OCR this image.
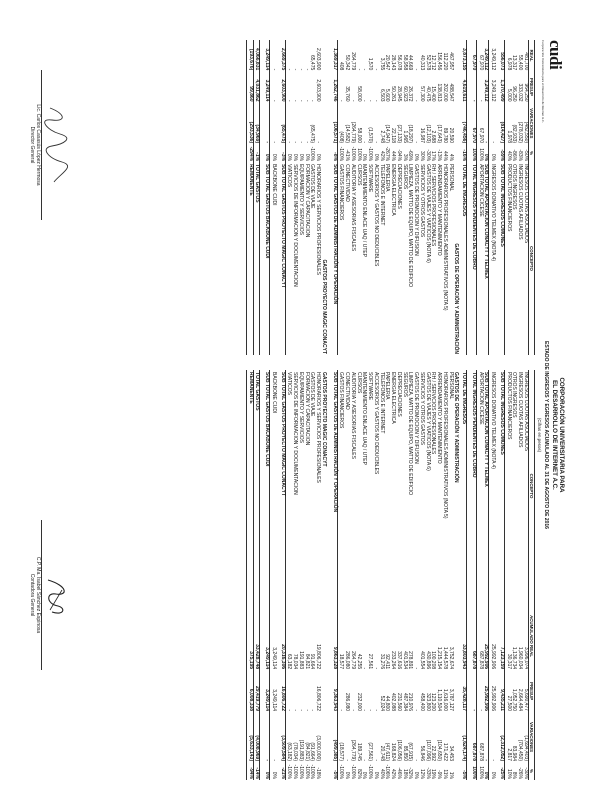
cudi
Corporación Universitaria para el Desarrollo de Internet A.C.
CORPORACIÓN UNIVERSITARIA PARA
EL DESARROLLO DE INTERNET A.C.
ESTADO DE INGRESOS Y EGRESOS ACUMULADO AL 31 DE AGOSTO DE 2016
(Cifras en pesos)
REAL	PRESUP	VARIACIONES	%	CONCEPTO
481,700	964,250	(482,550)	-50%	INGRESOS CUOTAS ASOCIADOS
55,400	333,032	(278,032)	-83%	INGRESOS CUOTAS AFILIADOS
13,317	96,250	(82,933)	-86%	OTROS INGRESOS
6,978	5,000	1,978	40%	PRODUCTOS FINANCIEROS
556,073	1,370,499	(814,427)	-59%	SUB TOTAL INGRESOS COMUNES

3,249,112	3,249,112	-	0%	INGRESOS DONATIVO TELMEX (NOTA 4)
3,249,112	3,249,112	-	0%	SUB TOTAL APORTACION CONACYT Y TELMEX
67,970	-	67,970	100%	APORTACION CICESE
67,970	-	67,970	100%	TOTAL INGRESOS PENDIENTES DE COBRO

3,873,155	4,619,611	(746,456)	-16%	TOTAL DE INGRESOS
GASTOS DE OPERACIÓN Y ADMINISTRACIÓN				
467,957	488,547	20,590	4%	PERSONAL
112,220	202,000	89,780	44%	HONORARIOS PROFESIONALES ADMINISTRATIVOS (NOTA 5)
156,456	138,813	(17,643)	-13%	ARRENDAMIENTO Y MANTENIMIENTO
12,712	15,400	2,688	17%	RH / SERVICIOS PROFESIONALES
52,578	40,475	(12,103)	-30%	GASTOS DE VIAJES Y VIATICOS (NOTA 6)
40,313	57,300	16,987	30%	SERVICIOS Y OTROS GASTOS
-	-	-	0%	GASTOS DE PROMOCION Y DIFUSION
44,669	26,372	(18,297)	-69%	LIMPIEZA, MATTO DE EQUIPO, MATTO DE EDIFICIO
58,958	60,923	1,965	3%	SEGUROS
56,078	28,945	(27,133)	-94%	DEPRECIACIONES
28,143	50,261	22,118	44%	ENERGIA ELECTRICA
20,547	5,600	(14,947)	-267%	PAPELERIA
3,755	6,503	2,748	42%	TELEFONOS E INTERNET
-	-	-	0%	ACCESORIOS Y GASTOS NO DEDUCIBLES
1,570	-	(1,570)	-100%	SOFTWARE
-	-	-	0%	MANTENIMIENTO ENLACE UAQ / UTEP
-	58,000	58,000	100%	CURSOS
264,779	-	(264,779)	-100%	AUDITORIA Y ASESORIAS FISCALES
50,342	35,760	(14,582)	-41%	CONECTIVIDAD
408	-	(408)	-100%	GASTOS FINANCIEROS
1,369,317	1,262,746	(106,571)	-8%	SUB TOTAL GASTOS DE ADMINISTRACIÓN Y OPERACIÓN

GASTOS PROYECTO MAGIC CONACYT				
2,603,900	2,603,900	-	0%	HONORARIOS Y SERVICIOS PROFESIONALES
65,475	-	(65,475)	-100%	GASTOS DE VIAJE
-	-	-	0%	FORMACION Y CAPACITACION
-	-	-	0%	EQUIPAMIENTO Y SERVICIOS
-	-	-	0%	SERVICIOS DE INFORMACION Y DOCUMENTACION
-	-	-	0%	VIATICOS
2,669,375	2,603,900	(65,475)	-3%	SUB TOTAL GASTOS PROYECTO MAGIC CONACYT

-	-	-	0%	BACKBONE CUDI
3,249,114	3,249,114	-	0%	SUB TOTAL GASTOS BACKBONE CUDI

4,066,831	4,031,862	(34,969)	-1%	TOTAL GASTOS
(193,676)	99,860	(293,536)	-294%	REMANENTE
CONCEPTO	ACUMULADO REAL	PRESUP	VARIACIONES	%
INGRESOS CUOTAS ASOCIADOS	3,996,074	5,690,477	(1,694,403)	-30%
INGRESOS CUOTAS AFILIADOS	1,960,034	2,664,484	(704,450)	-26%
OTROS INGRESOS	1,136,734	1,052,750	83,984	8%
PRODUCTOS FINANCIEROS	30,317	27,500	2,817	10%
SUB TOTAL INGRESOS COMUNES	7,123,159	9,435,211	(2,312,052)	-25%

INGRESOS DONATIVO TELMEX (NOTA 4)	25,992,906	25,992,906	-	0%
SUB TOTAL APORTACION CONACYT Y TELMEX	25,992,906	25,992,906	-	0%
APORTACION CICESE	687,878	-	687,878	100%
TOTAL INGRESOS PENDIENTES DE COBRO	687,878	-	687,878	100%

TOTAL DE INGRESOS	33,803,943	35,428,117	(1,624,174)	-5%
GASTOS DE OPERACIÓN Y ADMINISTRACIÓN				
PERSONAL	3,752,674	3,787,127	34,453	1%
HONORARIOS PROFESIONALES ADMINISTRATIVOS (NOTA 5)	1,444,578	1,616,000	171,422	11%
ARRENDAMIENTO Y MANTENIMIENTO	1,215,154	1,110,504	(104,650)	-9%
RH / SERVICIOS PROFESIONALES	100,208	123,200	22,992	19%
GASTOS DE VIAJES Y VIATICOS (NOTA 6)	430,896	323,800	(107,096)	-33%
SERVICIOS Y OTROS GASTOS	401,554	458,400	56,846	12%
GASTOS DE PROMOCION Y DIFUSION	-	-	-	0%
LIMPIEZA, MATTO DE EQUIPO, MATTO DE EDIFICIO	278,891	210,976	(67,915)	-32%
SEGUROS	401,534	487,384	85,850	18%
DEPRECIACIONES	337,616	231,560	(106,056)	-46%
ENERGIA ELECTRICA	233,264	402,088	168,824	42%
PAPELERIA	92,411	44,800	(47,611)	-106%
TELEFONOS E INTERNET	31,276	52,024	20,748	40%
ACCESORIOS Y GASTOS NO DEDUCIBLES	-	-	-	0%
SOFTWARE	27,561	-	(27,561)	-100%
MANTENIMIENTO ENLACE UAQ / UTEP	-	-	-	0%
CURSOS	42,255	232,000	189,745	82%
AUDITORIA Y ASESORIAS FISCALES	264,779	-	(264,779)	-100%
CONECTIVIDAD	286,080	286,080	-	0%
GASTOS FINANCIEROS	18,577	-	(18,577)	-100%
SUB TOTAL GASTOS DE ADMINISTRACIÓN Y OPERACIÓN	9,863,328	9,363,943	(499,385)	-5%

GASTOS PROYECTO MAGIC CONACYT				
HONORARIOS Y SERVICIOS PROFESIONALES	19,806,722	16,806,722	(3,000,000)	-18%
GASTOS DE VIAJE	91,664	-	(91,664)	-100%
FORMACION Y CAPACITACION	84,821	-	(84,821)	-100%
EQUIPAMIENTO Y SERVICIOS	191,883	-	(191,883)	-100%
SERVICIOS DE INFORMACION Y DOCUMENTACION	78,034	-	(78,034)	-100%
VIATICOS	63,182	-	(63,182)	-100%
SUB TOTAL GASTOS PROYECTO MAGIC CONACYT	20,316,306	16,806,722	(3,509,584)	-21%

BACKBONE CUDI	3,249,114	3,249,114	-	0%
SUB TOTAL GASTOS BACKBONE CUDI	3,249,114	3,249,114	-	0%

TOTAL GASTOS	33,428,748	29,419,779	(4,008,969)	-14%
REMANENTE	375,195	6,008,338	(5,633,143)	-94%
Lic. Carlos Casasús López Hermosa
Director General
C.P. Ma. Isabel Sánchez Espinosa
Contadora General
